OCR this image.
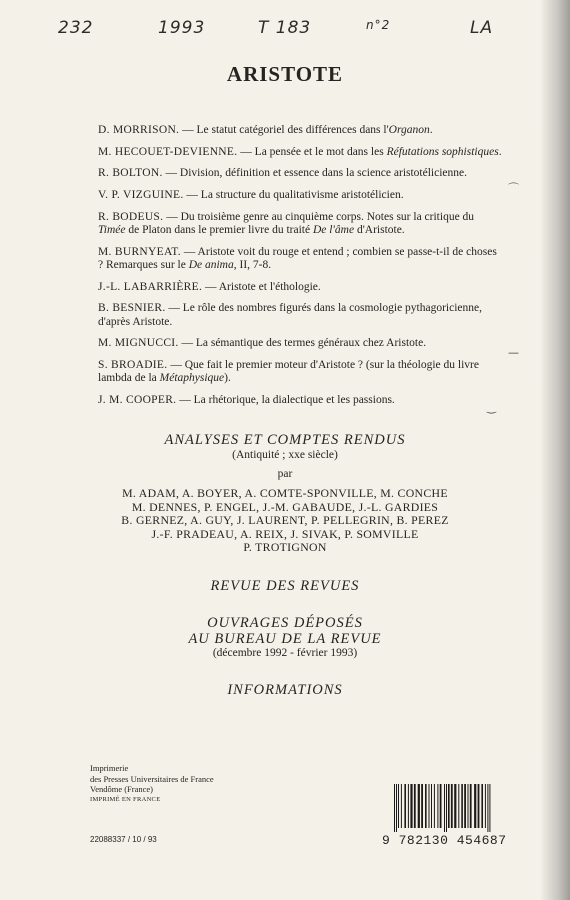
232	1993	T 183	n°2	LA
ARISTOTE
D. MORRISON. — Le statut catégoriel des différences dans l'Organon.
M. HECOUET-DEVIENNE. — La pensée et le mot dans les Réfutations sophistiques.
R. BOLTON. — Division, définition et essence dans la science aristotélicienne.
V. P. VIZGUINE. — La structure du qualitativisme aristotélicien.
R. BODEUS. — Du troisième genre au cinquième corps. Notes sur la critique du Timée de Platon dans le premier livre du traité De l'âme d'Aristote.
M. BURNYEAT. — Aristote voit du rouge et entend ; combien se passe-t-il de choses ? Remarques sur le De anima, II, 7-8.
J.-L. LABARRIÈRE. — Aristote et l'éthologie.
B. BESNIER. — Le rôle des nombres figurés dans la cosmologie pythagoricienne, d'après Aristote.
M. MIGNUCCI. — La sémantique des termes généraux chez Aristote.
S. BROADIE. — Que fait le premier moteur d'Aristote ? (sur la théologie du livre lambda de la Métaphysique).
J. M. COOPER. — La rhétorique, la dialectique et les passions.
⌒
—
‿
ANALYSES ET COMPTES RENDUS
(Antiquité ; xxe siècle)
par
M. ADAM, A. BOYER, A. COMTE-SPONVILLE, M. CONCHE
M. DENNES, P. ENGEL, J.-M. GABAUDE, J.-L. GARDIES
B. GERNEZ, A. GUY, J. LAURENT, P. PELLEGRIN, B. PEREZ
J.-F. PRADEAU, A. REIX, J. SIVAK, P. SOMVILLE
P. TROTIGNON
REVUE DES REVUES
OUVRAGES DÉPOSÉS
AU BUREAU DE LA REVUE
(décembre 1992 - février 1993)
INFORMATIONS
Imprimerie
des Presses Universitaires de France
Vendôme (France)
IMPRIMÉ EN FRANCE
22088337 / 10 / 93	9 782130 454687
